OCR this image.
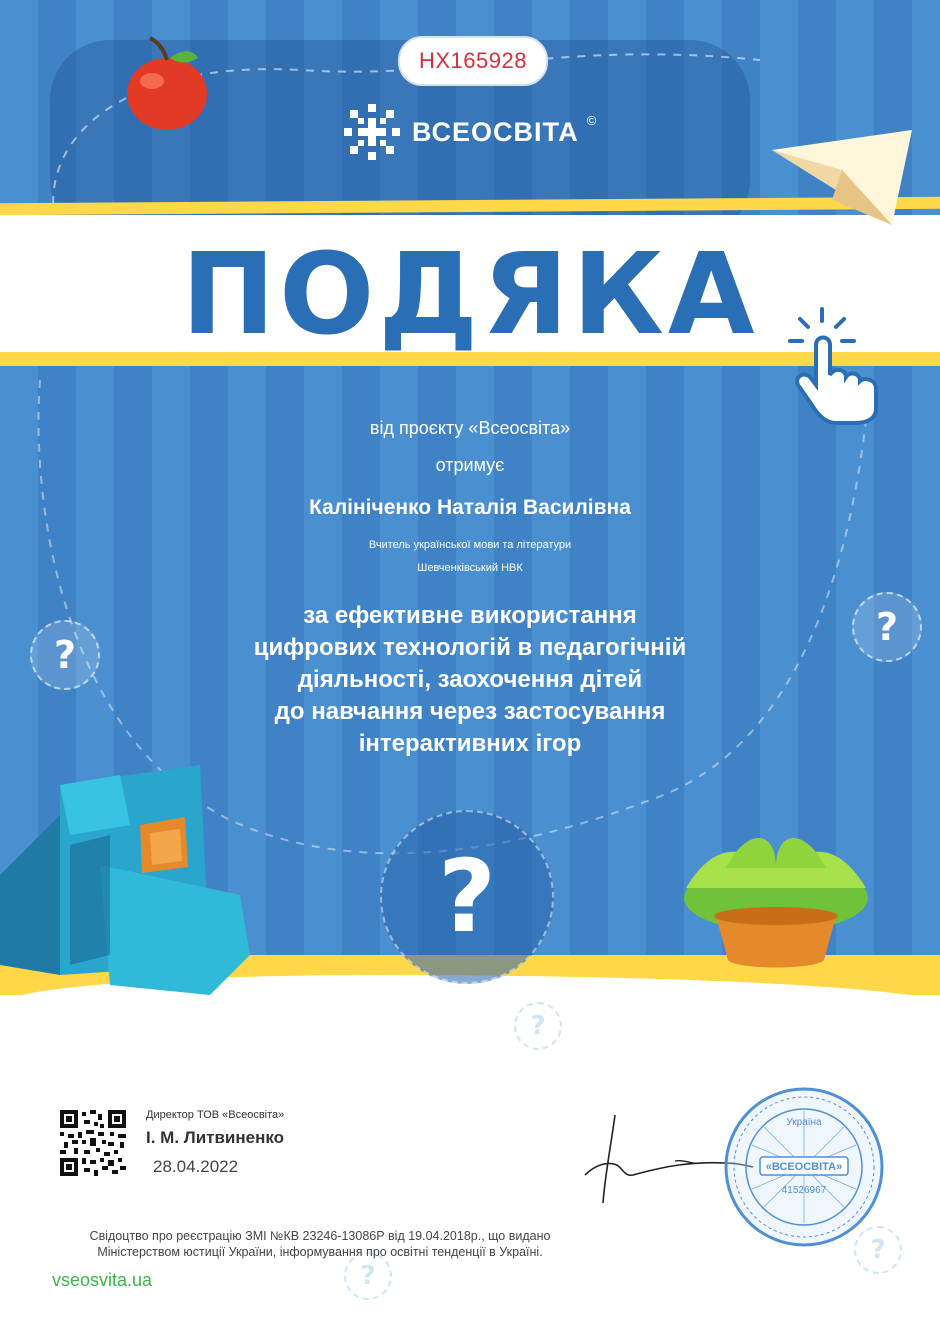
HX165928
ВСЕОСВІТА ©
ПОДЯКА
від проєкту «Всеосвіта»
отримує
Калініченко Наталія Василівна
Вчитель української мови та літератури
Шевченківський НВК
за ефективне використання
цифрових технологій в педагогічній
діяльності, заохочення дітей
до навчання через застосування
інтерактивних ігор
?
?
?
?
?
?
Директор ТОВ «Всеосвіта»
І. М. Литвиненко
28.04.2022	«ВСЕОСВІТА»
41526967
Україна
Свідоцтво про реєстрацію ЗМІ №КВ 23246-13086Р від 19.04.2018р., що видано
Міністерством юстиції України, інформування про освітні тенденції в Україні.
vseosvita.ua
